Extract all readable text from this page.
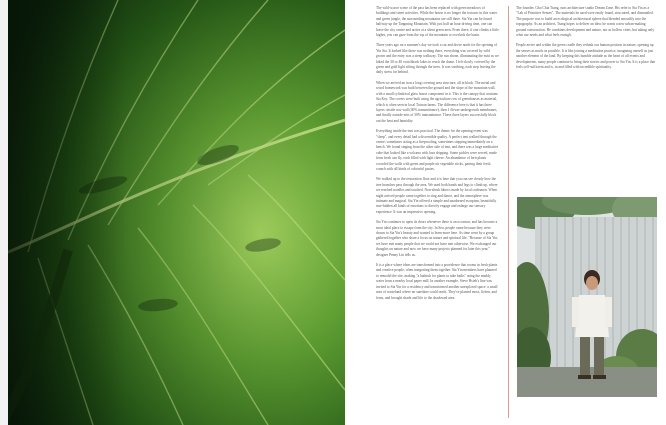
The wild-scarce scene of the past has been replaced with green meadows of buildings and street activities. While the house is no longer the tectonic in this water and green jungle, the surrounding mountains are still there. Sia Yin can be found halfway up the Tangming Mountain. With just half an hour driving time, one can leave the city centre and arrive at a silent green area. From there, if one climbs a little higher, you can gaze from the top of the mountain to overlook the basin.

Three years ago on a summer's day we took a car and drove north for the opening of Yin Sia. It looked like there was nothing there, everything was covered by wild grown and the entry was a steep walkway. The sun shone, illuminating the mist as we hiked the 30 or 40 switchback lakes to reach the dome. I felt slowly covered by the green and gold light sifting through the trees. It was soothing, each step leaving the daily stress far behind.

When we arrived an iron a long covering area structure, all in black. The metal and wood framework was built between the ground and the slope of the mountain wall, with a small cylindrical glass house component in it. This is the canopy that contains Sia Key. The covers were built using the agriculture row of greenhouses as material, which is often seen in local Taiwan farms. The difference here is that it has three layers: inside row wall (40% transmittance), then 1 flower undergrowth membranes, and finally outside nets of 30% transmittance. These three layers successfully block out the heat and humidity.

Everything inside the tent was practical. The theme for the opening event was "sleep", and every detail had a discernible quality. A perfect tent walked through the centre; sometimes acting as a fireproofing, sometimes stepping immediately on a bench. We found singing from the other side of tent, and there was a large meditative cube that looked like a volcano with lava dripping. Some pickles were served, made from fresh can fly, each filled with light cheese. An abundance of fern plants crowded the walls with green and purple air vegetable sticks, pairing their fresh crunch with all kinds of colourful pastes.

We walked up to the restoration floor and it is here that you can see clearly how the tree branches pass through the area. We used both hands and legs to climb up, where we reached noodles and touched. Non-shrub fabrics made by local craftsmen. When night arrived people came together to sing and dance, and the atmosphere was intimate and magical. Sia Yin offered a simple and unadorned escapism, beautifully true-hidden all kinds of emotions to directly engage and enlarge our sensory experience. It was an impressive opening.

Sia Yin continues to open its doors whenever there is an occasion, and has become a most ideal place to escape from the city. In Sea, people came because they were drawn to Sia Yin's beauty and wanted to learn more here. As time went by a group gathered together who share a focus on nature and spiritual life. "Because of Sia Yin, we have met many people that we could not have met otherwise. We exchanged our thoughts on nature and now we have many projects planned for later this year," designer Penny Lin tells us.

It is a place where ideas are transformed into a providence that rooms in fresh plants and creative people, often integrating them together. Sia Yin members have planned to remodel the site, making "a bathtub for plants to take baths" using the muddy water from a nearby local paper mill. In another example, Steve Hsieh's line was invited to Sia Yin for a residency and transformed another unexplored space: a small area of wasteland where no sunshine could reach. They've planted moss, lichen, and ferns, and brought shade and life to the shadowed area.

The founder, Gho Chia Tsang, runs architecture studio Dream Zone. His refer to Sia Yin as a "Lab of Primitive Senses". The materials he used were easily found, structured, and dismantled. The purpose was to build an ecological architectural sphere that blended smoothly into the topography. As an architect, Tsang hopes to deliver an idea: he wants a new urban-making ground construction. He combines development and nature, not as hollow cities, but taking only what our needs and what feels enough.

People arrive and within the green cradle they rethink our human position in nature, opening up the senses as much as possible. It is like joining a meditation practice, imagining oneself as just another element of the land. By keeping this humble attitude as the heart of all events and developments, many people continue to bring their stories and power to Sia Yin. It is a place that feels self-sufficient and is, in and filled with incredible spirituality.
